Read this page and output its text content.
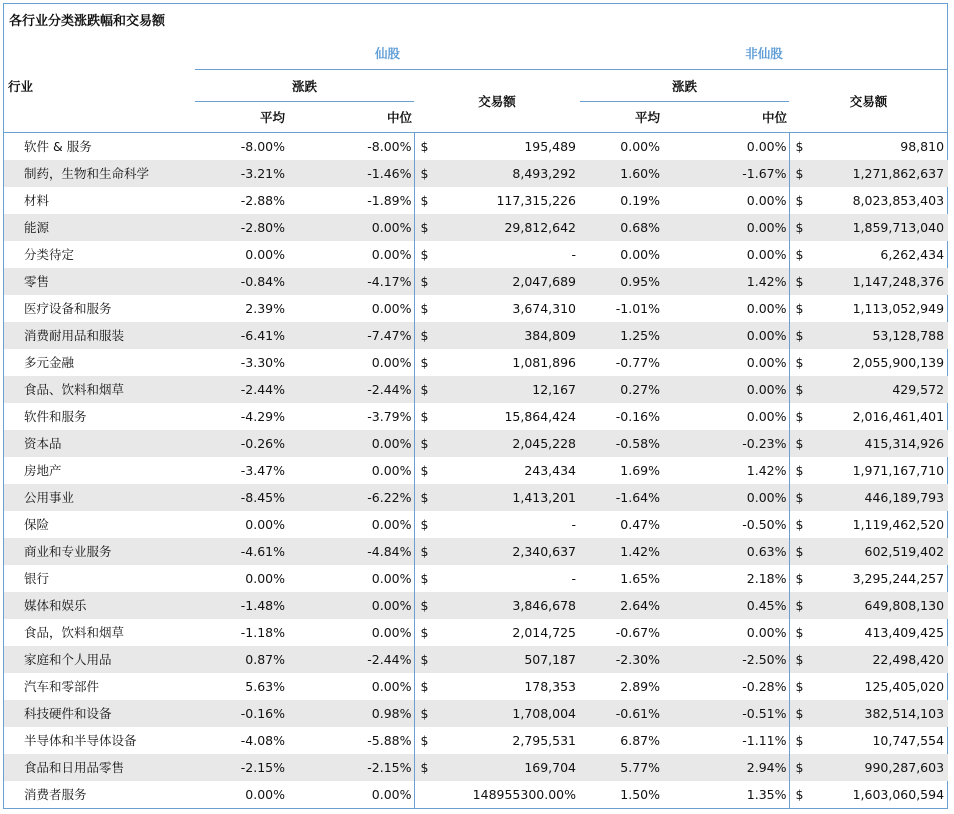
各行业分类涨跌幅和交易额
行业	仙股				非仙股			
	涨跌		交易额		涨跌		交易额	
	平均	中位			平均	中位		
软件 & 服务	-8.00%	-8.00%	$	195,489	0.00%	0.00%	$	98,810
制药，生物和生命科学	-3.21%	-1.46%	$	8,493,292	1.60%	-1.67%	$	1,271,862,637
材料	-2.88%	-1.89%	$	117,315,226	0.19%	0.00%	$	8,023,853,403
能源	-2.80%	0.00%	$	29,812,642	0.68%	0.00%	$	1,859,713,040
分类待定	0.00%	0.00%	$	-	0.00%	0.00%	$	6,262,434
零售	-0.84%	-4.17%	$	2,047,689	0.95%	1.42%	$	1,147,248,376
医疗设备和服务	2.39%	0.00%	$	3,674,310	-1.01%	0.00%	$	1,113,052,949
消费耐用品和服装	-6.41%	-7.47%	$	384,809	1.25%	0.00%	$	53,128,788
多元金融	-3.30%	0.00%	$	1,081,896	-0.77%	0.00%	$	2,055,900,139
食品、饮料和烟草	-2.44%	-2.44%	$	12,167	0.27%	0.00%	$	429,572
软件和服务	-4.29%	-3.79%	$	15,864,424	-0.16%	0.00%	$	2,016,461,401
资本品	-0.26%	0.00%	$	2,045,228	-0.58%	-0.23%	$	415,314,926
房地产	-3.47%	0.00%	$	243,434	1.69%	1.42%	$	1,971,167,710
公用事业	-8.45%	-6.22%	$	1,413,201	-1.64%	0.00%	$	446,189,793
保险	0.00%	0.00%	$	-	0.47%	-0.50%	$	1,119,462,520
商业和专业服务	-4.61%	-4.84%	$	2,340,637	1.42%	0.63%	$	602,519,402
银行	0.00%	0.00%	$	-	1.65%	2.18%	$	3,295,244,257
媒体和娱乐	-1.48%	0.00%	$	3,846,678	2.64%	0.45%	$	649,808,130
食品，饮料和烟草	-1.18%	0.00%	$	2,014,725	-0.67%	0.00%	$	413,409,425
家庭和个人用品	0.87%	-2.44%	$	507,187	-2.30%	-2.50%	$	22,498,420
汽车和零部件	5.63%	0.00%	$	178,353	2.89%	-0.28%	$	125,405,020
科技硬件和设备	-0.16%	0.98%	$	1,708,004	-0.61%	-0.51%	$	382,514,103
半导体和半导体设备	-4.08%	-5.88%	$	2,795,531	6.87%	-1.11%	$	10,747,554
食品和日用品零售	-2.15%	-2.15%	$	169,704	5.77%	2.94%	$	990,287,603
消费者服务	0.00%	0.00%	148955300.00%		1.50%	1.35%	$	1,603,060,594
